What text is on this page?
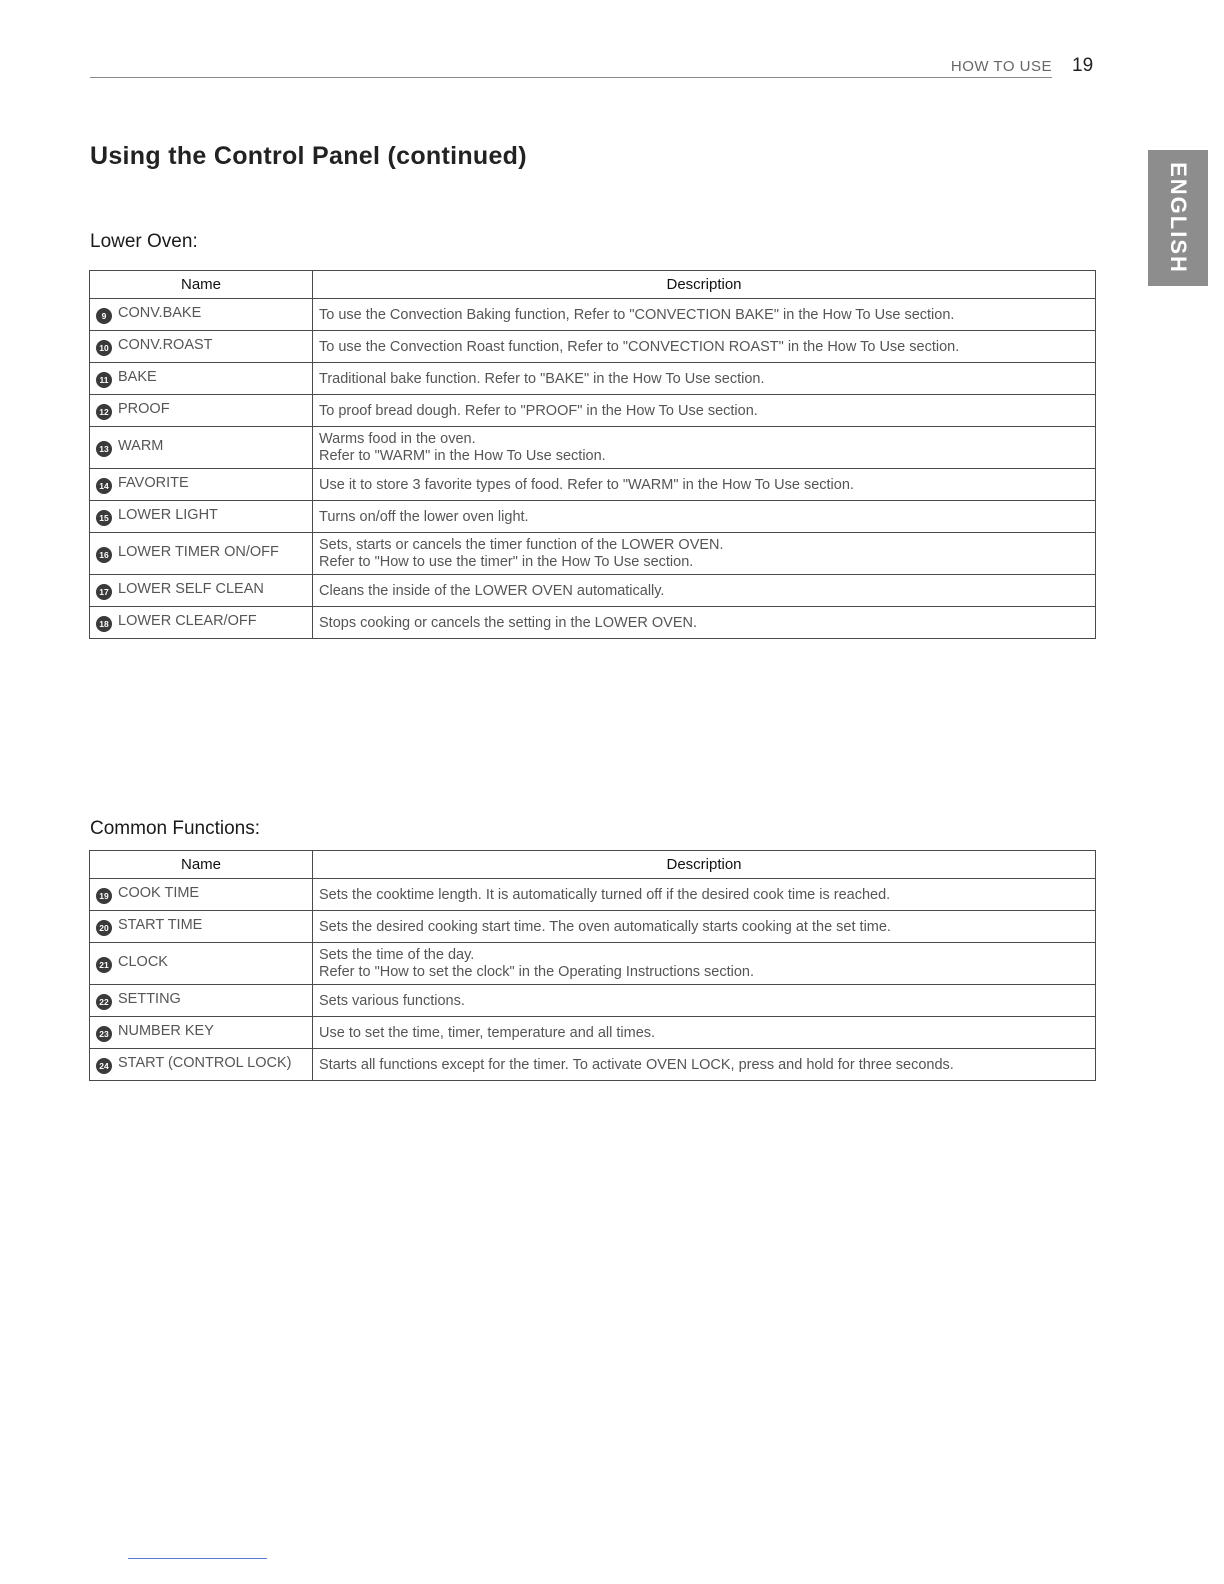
HOW TO USE 19
ENGLISH
Using the Control Panel (continued)
Lower Oven:
Name	Description
9 CONV.BAKE	To use the Convection Baking function, Refer to "CONVECTION BAKE" in the How To Use section.

10 CONV.ROAST	To use the Convection Roast function, Refer to "CONVECTION ROAST" in the How To Use section.

11 BAKE	Traditional bake function. Refer to "BAKE" in the How To Use section.

12 PROOF	To proof bread dough. Refer to "PROOF" in the How To Use section.

13 WARM	Warms food in the oven.
Refer to "WARM" in the How To Use section.

14 FAVORITE	Use it to store 3 favorite types of food. Refer to "WARM" in the How To Use section.

15 LOWER LIGHT	Turns on/off the lower oven light.

16 LOWER TIMER ON/OFF	Sets, starts or cancels the timer function of the LOWER OVEN.
Refer to "How to use the timer" in the How To Use section.

17 LOWER SELF CLEAN	Cleans the inside of the LOWER OVEN automatically.

18 LOWER CLEAR/OFF	Stops cooking or cancels the setting in the LOWER OVEN.
Common Functions:
Name	Description
19 COOK TIME	Sets the cooktime length. It is automatically turned off if the desired cook time is reached.

20 START TIME	Sets the desired cooking start time. The oven automatically starts cooking at the set time.

21 CLOCK	Sets the time of the day.
Refer to "How to set the clock" in the Operating Instructions section.

22 SETTING	Sets various functions.

23 NUMBER KEY	Use to set the time, timer, temperature and all times.

24 START (CONTROL LOCK)	Starts all functions except for the timer. To activate OVEN LOCK, press and hold for three seconds.
